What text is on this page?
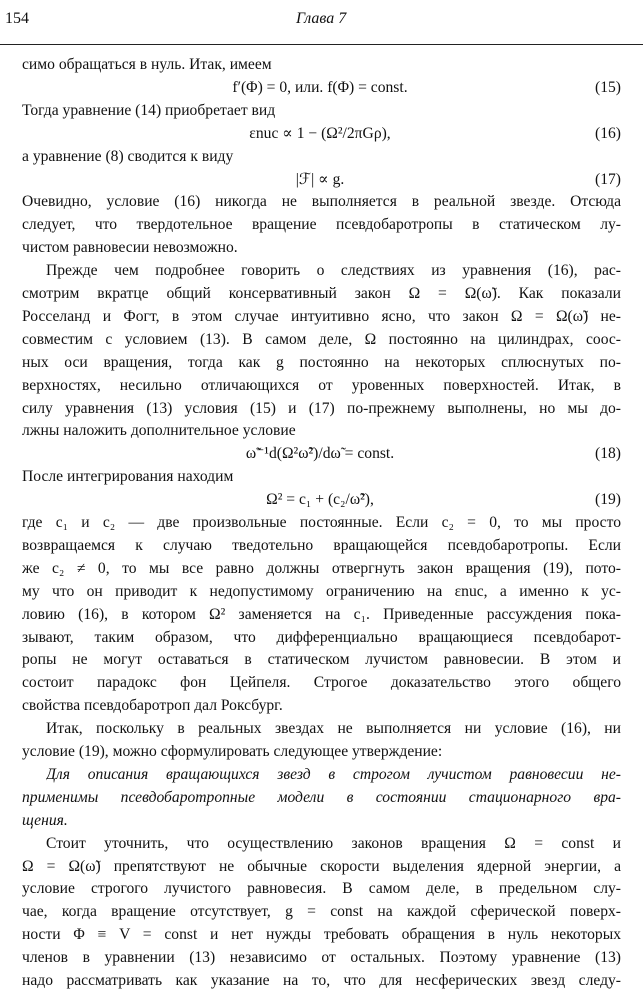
154	Глава 7
симо обращаться в нуль. Итак, имеем
f′(Φ) = 0, или. f(Φ) = const.	(15)
Тогда уравнение (14) приобретает вид
εnuc ∝ 1 − (Ω²/2πGρ),	(16)
а уравнение (8) сводится к виду
|ℱ| ∝ g.	(17)
Очевидно, условие (16) никогда не выполняется в реальной звезде. Отсюда
следует, что твердотельное вращение псевдобаротропы в статическом лу-
чистом равновесии невозможно.
Прежде чем подробнее говорить о следствиях из уравнения (16), рас-
смотрим вкратце общий консервативный закон Ω = Ω(ω̃). Как показали
Росселанд и Фогт, в этом случае интуитивно ясно, что закон Ω = Ω(ω̃) не-
совместим с условием (13). В самом деле, Ω постоянно на цилиндрах, соос-
ных оси вращения, тогда как g постоянно на некоторых сплюснутых по-
верхностях, несильно отличающихся от уровенных поверхностей. Итак, в
силу уравнения (13) условия (15) и (17) по-прежнему выполнены, но мы до-
лжны наложить дополнительное условие
ω̃⁻¹d(Ω²ω̃²)/dω̃ = const.	(18)
После интегрирования находим
Ω² = c₁ + (c₂/ω̃²),	(19)
где c₁ и c₂ — две произвольные постоянные. Если c₂ = 0, то мы просто
возвращаемся к случаю тведотельно вращающейся псевдобаротропы. Если
же c₂ ≠ 0, то мы все равно должны отвергнуть закон вращения (19), пото-
му что он приводит к недопустимому ограничению на εnuc, а именно к ус-
ловию (16), в котором Ω² заменяется на c₁. Приведенные рассуждения пока-
зывают, таким образом, что дифференциально вращающиеся псевдобарот-
ропы не могут оставаться в статическом лучистом равновесии. В этом и
состоит парадокс фон Цейпеля. Строгое доказательство этого общего
свойства псевдобаротроп дал Роксбург.
Итак, поскольку в реальных звездах не выполняется ни условие (16), ни
условие (19), можно сформулировать следующее утверждение:
Для описания вращающихся звезд в строгом лучистом равновесии не-
применимы псевдобаротропные модели в состоянии стационарного вра-
щения.
Стоит уточнить, что осуществлению законов вращения Ω = const и
Ω = Ω(ω̃) препятствуют не обычные скорости выделения ядерной энергии, а
условие строгого лучистого равновесия. В самом деле, в предельном слу-
чае, когда вращение отсутствует, g = const на каждой сферической поверх-
ности Φ ≡ V = const и нет нужды требовать обращения в нуль некоторых
членов в уравнении (13) независимо от остальных. Поэтому уравнение (13)
надо рассматривать как указание на то, что для несферических звезд следу-
